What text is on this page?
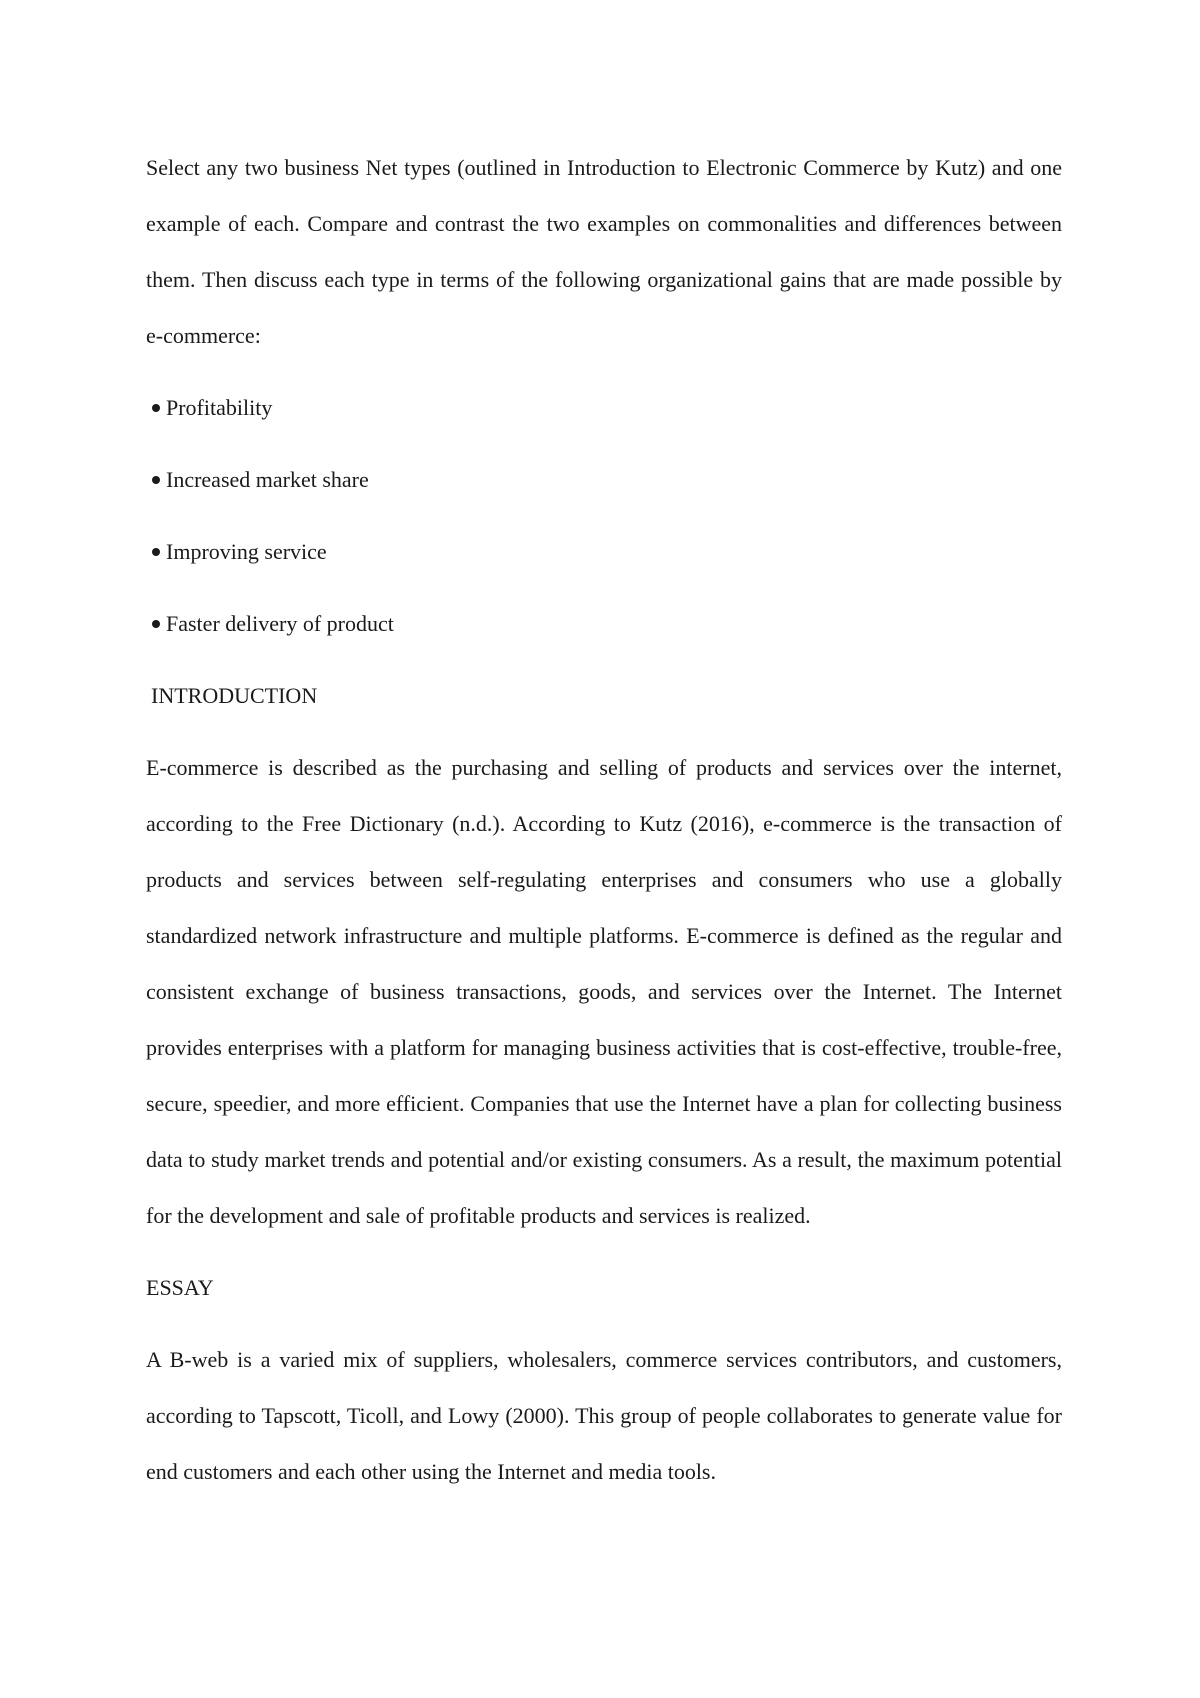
Select any two business Net types (outlined in Introduction to Electronic Commerce by Kutz) and one example of each. Compare and contrast the two examples on commonalities and differences between them. Then discuss each type in terms of the following organizational gains that are made possible by e-commerce:

Profitability
Increased market share
Improving service
Faster delivery of product
INTRODUCTION

E-commerce is described as the purchasing and selling of products and services over the internet, according to the Free Dictionary (n.d.). According to Kutz (2016), e-commerce is the transaction of products and services between self-regulating enterprises and consumers who use a globally standardized network infrastructure and multiple platforms. E-commerce is defined as the regular and consistent exchange of business transactions, goods, and services over the Internet. The Internet provides enterprises with a platform for managing business activities that is cost-effective, trouble-free, secure, speedier, and more efficient. Companies that use the Internet have a plan for collecting business data to study market trends and potential and/or existing consumers. As a result, the maximum potential for the development and sale of profitable products and services is realized.

ESSAY

A B-web is a varied mix of suppliers, wholesalers, commerce services contributors, and customers, according to Tapscott, Ticoll, and Lowy (2000). This group of people collaborates to generate value for end customers and each other using the Internet and media tools.
